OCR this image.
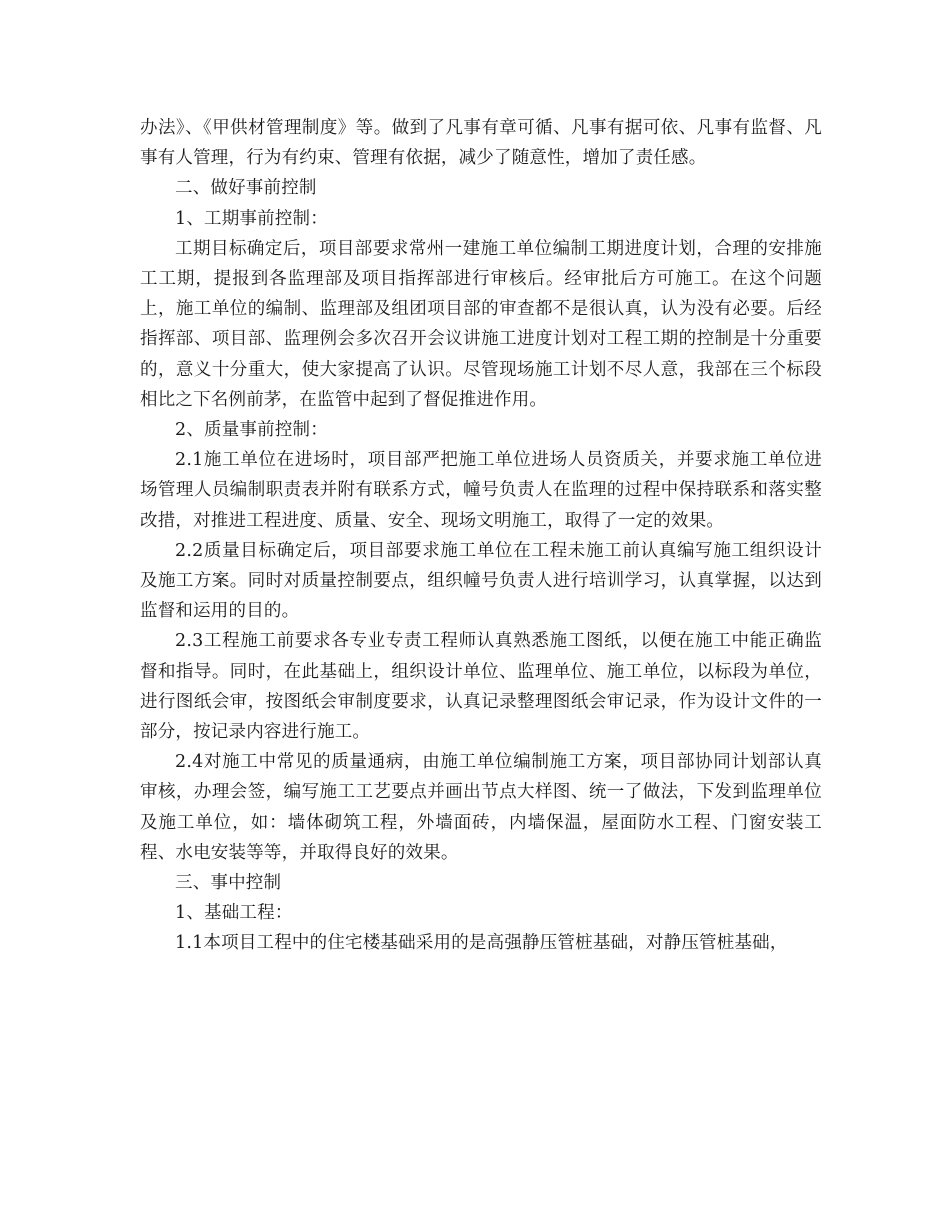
办法》、《甲供材管理制度》等。做到了凡事有章可循、凡事有据可依、凡事有监督、凡事有人管理，行为有约束、管理有依据，减少了随意性，增加了责任感。

二、做好事前控制

1、工期事前控制：

工期目标确定后，项目部要求常州一建施工单位编制工期进度计划，合理的安排施工工期，提报到各监理部及项目指挥部进行审核后。经审批后方可施工。在这个问题上，施工单位的编制、监理部及组团项目部的审查都不是很认真，认为没有必要。后经指挥部、项目部、监理例会多次召开会议讲施工进度计划对工程工期的控制是十分重要的，意义十分重大，使大家提高了认识。尽管现场施工计划不尽人意，我部在三个标段相比之下名例前茅，在监管中起到了督促推进作用。

2、质量事前控制：

2.1施工单位在进场时，项目部严把施工单位进场人员资质关，并要求施工单位进场管理人员编制职责表并附有联系方式，幢号负责人在监理的过程中保持联系和落实整改措，对推进工程进度、质量、安全、现场文明施工，取得了一定的效果。

2.2质量目标确定后，项目部要求施工单位在工程未施工前认真编写施工组织设计及施工方案。同时对质量控制要点，组织幢号负责人进行培训学习，认真掌握，以达到监督和运用的目的。

2.3工程施工前要求各专业专责工程师认真熟悉施工图纸，以便在施工中能正确监督和指导。同时，在此基础上，组织设计单位、监理单位、施工单位，以标段为单位，进行图纸会审，按图纸会审制度要求，认真记录整理图纸会审记录，作为设计文件的一部分，按记录内容进行施工。

2.4对施工中常见的质量通病，由施工单位编制施工方案，项目部协同计划部认真审核，办理会签，编写施工工艺要点并画出节点大样图、统一了做法，下发到监理单位及施工单位，如：墙体砌筑工程，外墙面砖，内墙保温，屋面防水工程、门窗安装工程、水电安装等等，并取得良好的效果。

三、事中控制

1、基础工程：

1.1本项目工程中的住宅楼基础采用的是高强静压管桩基础，对静压管桩基础，
